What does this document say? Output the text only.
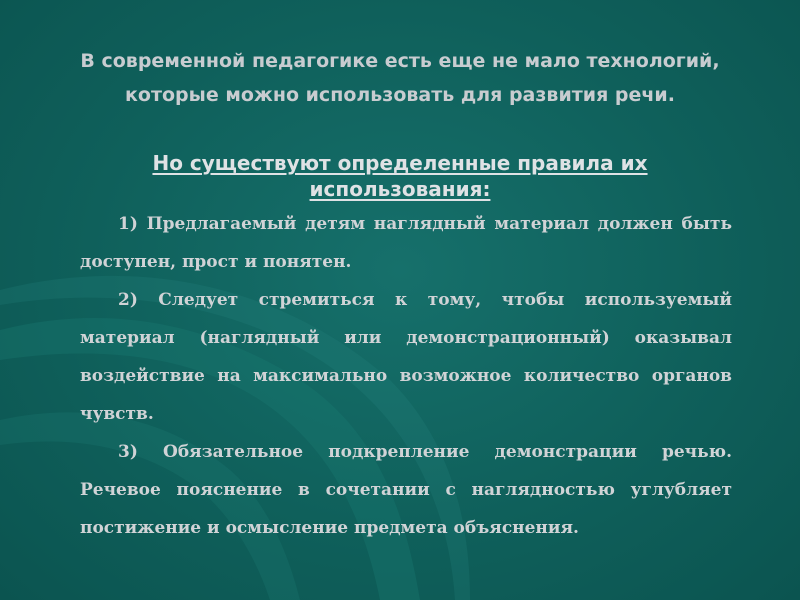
В современной педагогике есть еще не мало технологий, которые можно использовать для развития речи.
Но существуют определенные правила их использования:

1) Предлагаемый детям наглядный материал должен быть доступен, прост и понятен.

2) Следует стремиться к тому, чтобы используемый материал (наглядный или демонстрационный) оказывал воздействие на максимально возможное количество органов чувств.

3) Обязательное подкрепление демонстрации речью. Речевое пояснение в сочетании с наглядностью углубляет постижение и осмысление предмета объяснения.
